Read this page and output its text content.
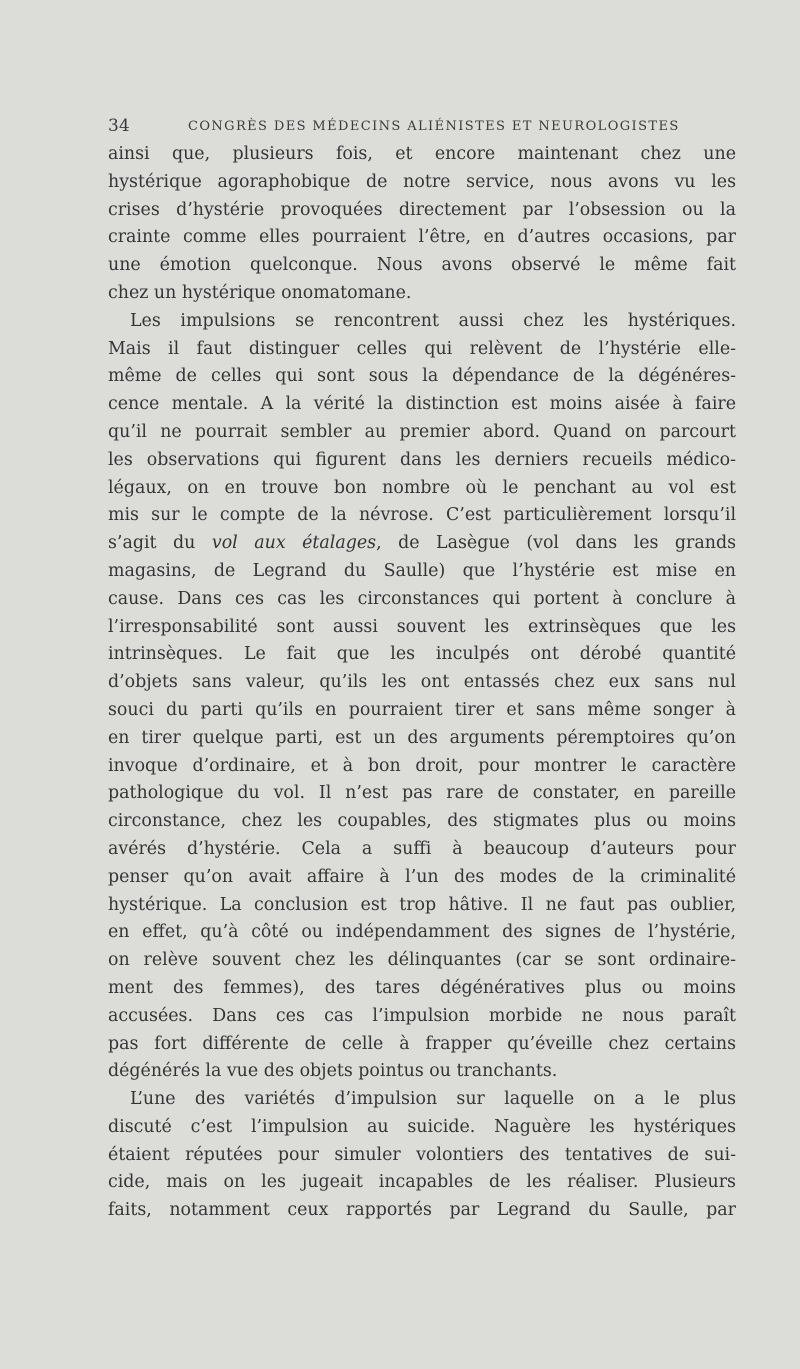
34	CONGRÈS DES MÉDECINS ALIÉNISTES ET NEUROLOGISTES
ainsi que, plusieurs fois, et encore maintenant chez une
hystérique agoraphobique de notre service, nous avons vu les
crises d’hystérie provoquées directement par l’obsession ou la
crainte comme elles pourraient l’être, en d’autres occasions, par
une émotion quelconque. Nous avons observé le même fait
chez un hystérique onomatomane.
Les impulsions se rencontrent aussi chez les hystériques.
Mais il faut distinguer celles qui relèvent de l’hystérie elle-
même de celles qui sont sous la dépendance de la dégénéres-
cence mentale. A la vérité la distinction est moins aisée à faire
qu’il ne pourrait sembler au premier abord. Quand on parcourt
les observations qui figurent dans les derniers recueils médico-
légaux, on en trouve bon nombre où le penchant au vol est
mis sur le compte de la névrose. C’est particulièrement lorsqu’il
s’agit du vol aux étalages, de Lasègue (vol dans les grands
magasins, de Legrand du Saulle) que l’hystérie est mise en
cause. Dans ces cas les circonstances qui portent à conclure à
l’irresponsabilité sont aussi souvent les extrinsèques que les
intrinsèques. Le fait que les inculpés ont dérobé quantité
d’objets sans valeur, qu’ils les ont entassés chez eux sans nul
souci du parti qu’ils en pourraient tirer et sans même songer à
en tirer quelque parti, est un des arguments péremptoires qu’on
invoque d’ordinaire, et à bon droit, pour montrer le caractère
pathologique du vol. Il n’est pas rare de constater, en pareille
circonstance, chez les coupables, des stigmates plus ou moins
avérés d’hystérie. Cela a suffi à beaucoup d’auteurs pour
penser qu’on avait affaire à l’un des modes de la criminalité
hystérique. La conclusion est trop hâtive. Il ne faut pas oublier,
en effet, qu’à côté ou indépendamment des signes de l’hystérie,
on relève souvent chez les délinquantes (car se sont ordinaire-
ment des femmes), des tares dégénératives plus ou moins
accusées. Dans ces cas l’impulsion morbide ne nous paraît
pas fort différente de celle à frapper qu’éveille chez certains
dégénérés la vue des objets pointus ou tranchants.
L’une des variétés d’impulsion sur laquelle on a le plus
discuté c’est l’impulsion au suicide. Naguère les hystériques
étaient réputées pour simuler volontiers des tentatives de sui-
cide, mais on les jugeait incapables de les réaliser. Plusieurs
faits, notamment ceux rapportés par Legrand du Saulle, par
